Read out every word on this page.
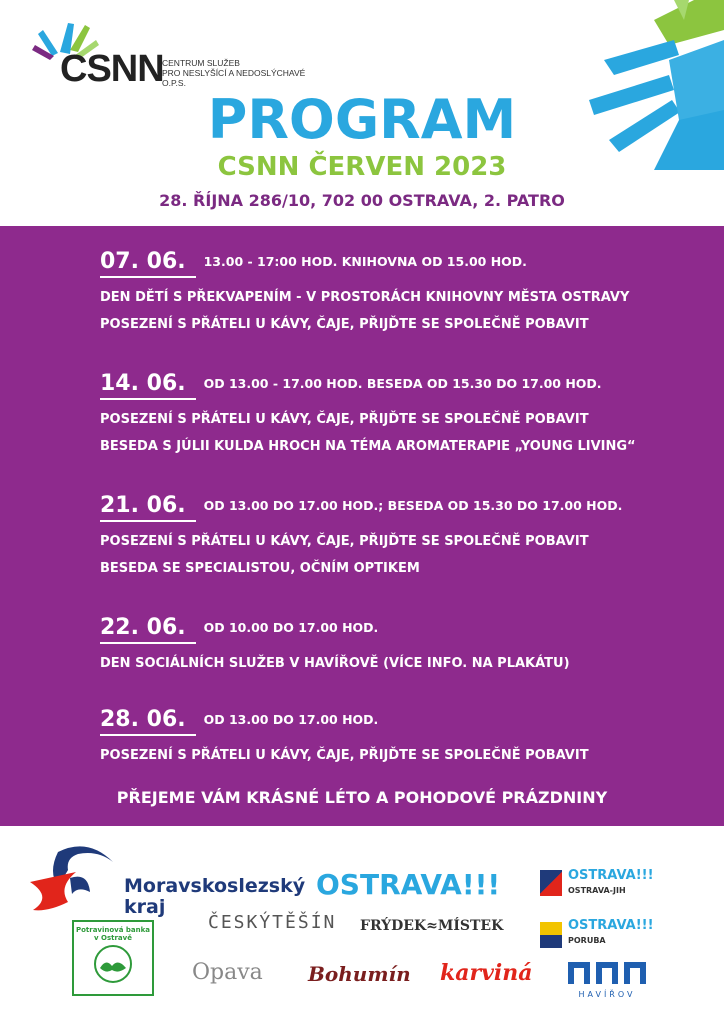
CSNN
CENTRUM SLUŽEB
PRO NESLYŠÍCÍ A NEDOSLÝCHAVÉ
O.P.S.
PROGRAM
CSNN ČERVEN 2023
28. ŘÍJNA 286/10, 702 00 OSTRAVA, 2. PATRO
07. 06. 13.00 - 17:00 HOD. KNIHOVNA OD 15.00 HOD.
DEN DĚTÍ S PŘEKVAPENÍM - V PROSTORÁCH KNIHOVNY MĚSTA OSTRAVY
POSEZENÍ S PŘÁTELI U KÁVY, ČAJE, PŘIJĎTE SE SPOLEČNĚ POBAVIT
14. 06. OD 13.00 - 17.00 HOD. BESEDA OD 15.30 DO 17.00 HOD.
POSEZENÍ S PŘÁTELI U KÁVY, ČAJE, PŘIJĎTE SE SPOLEČNĚ POBAVIT
BESEDA S JÚLII KULDA HROCH NA TÉMA AROMATERAPIE „YOUNG LIVING“
21. 06. OD 13.00 DO 17.00 HOD.; BESEDA OD 15.30 DO 17.00 HOD.
POSEZENÍ S PŘÁTELI U KÁVY, ČAJE, PŘIJĎTE SE SPOLEČNĚ POBAVIT
BESEDA SE SPECIALISTOU, OČNÍM OPTIKEM
22. 06. OD 10.00 DO 17.00 HOD.
DEN SOCIÁLNÍCH SLUŽEB V HAVÍŘOVĚ (VÍCE INFO. NA PLAKÁTU)
28. 06. OD 13.00 DO 17.00 HOD.
POSEZENÍ S PŘÁTELI U KÁVY, ČAJE, PŘIJĎTE SE SPOLEČNĚ POBAVIT
PŘEJEME VÁM KRÁSNÉ LÉTO A POHODOVÉ PRÁZDNINY
Moravskoslezský
kraj
OSTRAVA!!!	OSTRAVA!!!
OSTRAVA-JIH
OSTRAVA!!!
PORUBA
ČESKÝTĚŠÍN FRÝDEK≈MÍSTEK
Potravinová banka
v Ostravě
Opava Bohumín karviná
HAVÍŘOV
